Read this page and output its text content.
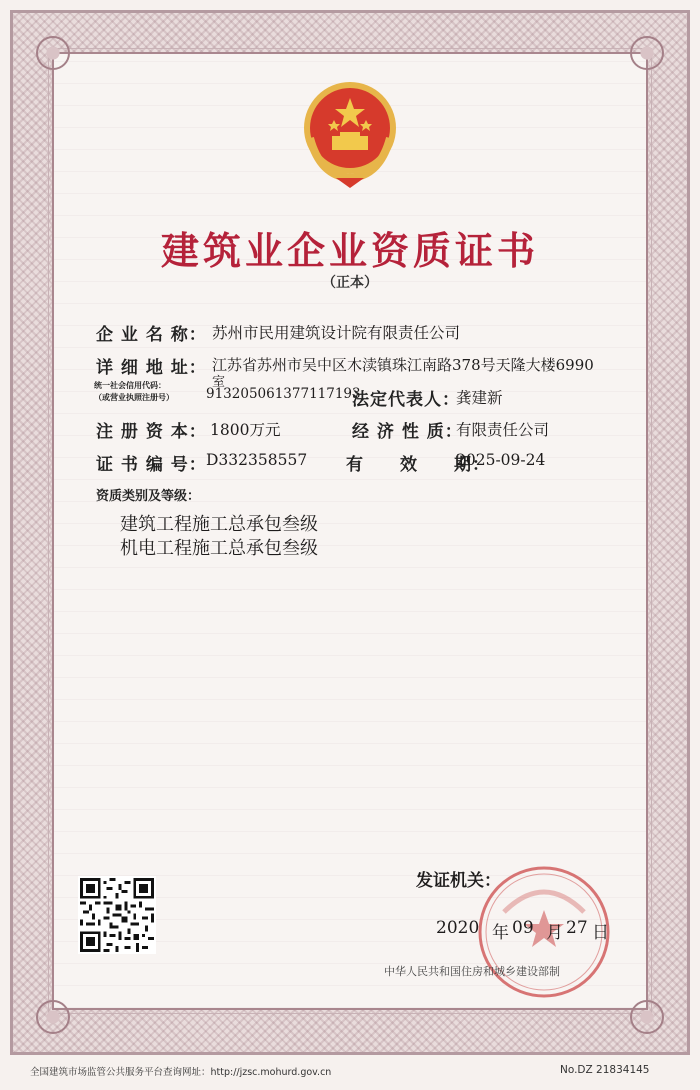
建筑业企业资质证书
（正本）
企 业 名 称： 苏州市民用建筑设计院有限责任公司
详 细 地 址： 江苏省苏州市吴中区木渎镇珠江南路378号天隆大楼6990
室
统一社会信用代码：
（或营业执照注册号） 913205061377117193
法定代表人：
龚建新
注 册 资 本： 1800万元	经 济 性 质：
有限责任公司
证 书 编 号： D332358557 有　　效　　期：
2025-09-24
资质类别及等级：
建筑工程施工总承包叁级
机电工程施工总承包叁级
发证机关：
2020 年 09 月 27 日
中华人民共和国住房和城乡建设部制
全国建筑市场监管公共服务平台查询网址：http://jzsc.mohurd.gov.cn	No.DZ 21834145
